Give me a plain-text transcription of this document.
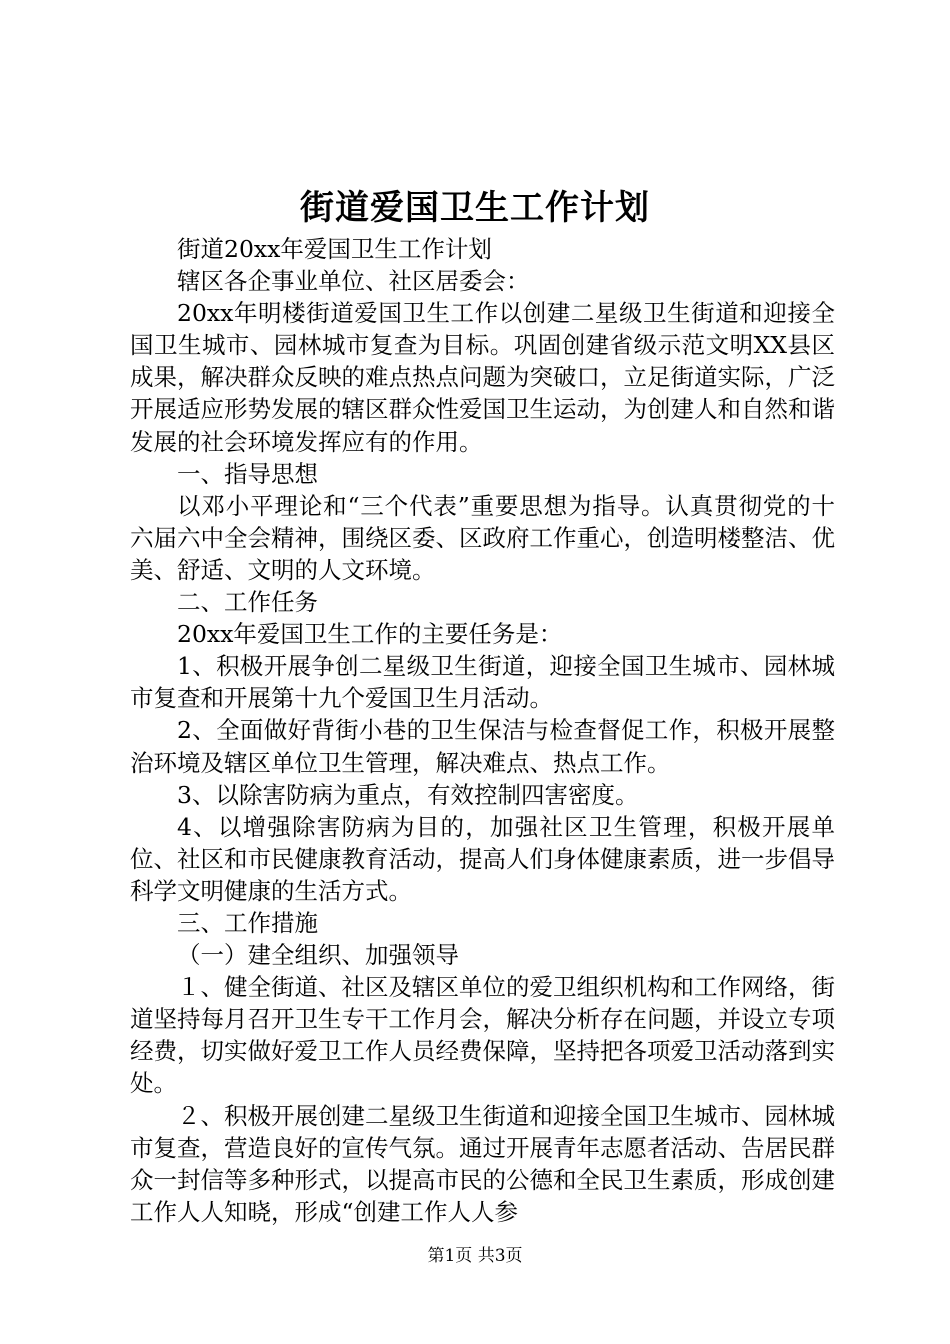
街道爱国卫生工作计划

街道20xx年爱国卫生工作计划

辖区各企事业单位、社区居委会：

20xx年明楼街道爱国卫生工作以创建二星级卫生街道和迎接全国卫生城市、园林城市复查为目标。巩固创建省级示范文明XX县区成果，解决群众反映的难点热点问题为突破口，立足街道实际，广泛开展适应形势发展的辖区群众性爱国卫生运动，为创建人和自然和谐发展的社会环境发挥应有的作用。

一、指导思想

以邓小平理论和“三个代表”重要思想为指导。认真贯彻党的十六届六中全会精神，围绕区委、区政府工作重心，创造明楼整洁、优美、舒适、文明的人文环境。

二、工作任务

20xx年爱国卫生工作的主要任务是：

1、积极开展争创二星级卫生街道，迎接全国卫生城市、园林城市复查和开展第十九个爱国卫生月活动。

2、全面做好背街小巷的卫生保洁与检查督促工作，积极开展整治环境及辖区单位卫生管理，解决难点、热点工作。

3、以除害防病为重点，有效控制四害密度。

4、以增强除害防病为目的，加强社区卫生管理，积极开展单位、社区和市民健康教育活动，提高人们身体健康素质，进一步倡导科学文明健康的生活方式。

三、工作措施

（一）建全组织、加强领导

１、健全街道、社区及辖区单位的爱卫组织机构和工作网络，街道坚持每月召开卫生专干工作月会，解决分析存在问题，并设立专项经费，切实做好爱卫工作人员经费保障，坚持把各项爱卫活动落到实处。

２、积极开展创建二星级卫生街道和迎接全国卫生城市、园林城市复查，营造良好的宣传气氛。通过开展青年志愿者活动、告居民群众一封信等多种形式，以提高市民的公德和全民卫生素质，形成创建工作人人知晓，形成“创建工作人人参

第1页 共3页
